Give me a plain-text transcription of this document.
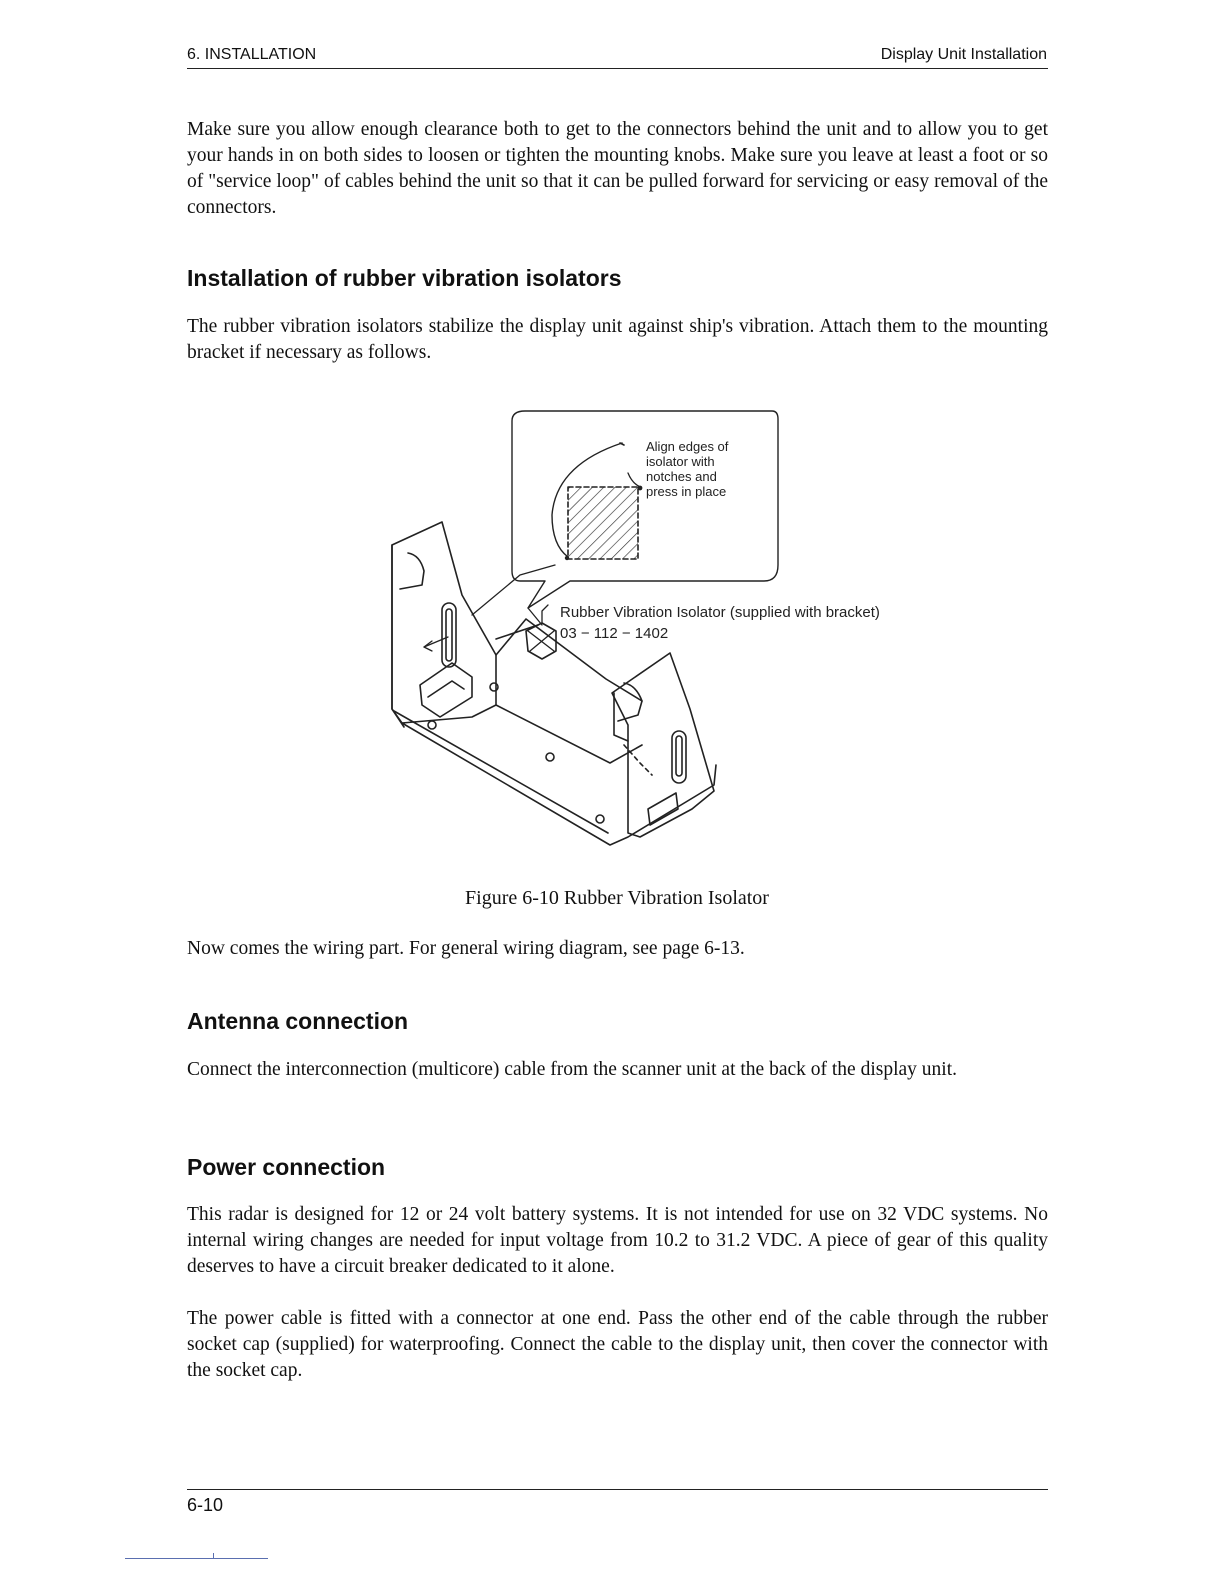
6. INSTALLATION	Display Unit Installation

Make sure you allow enough clearance both to get to the connectors behind the unit and to allow you to get your hands in on both sides to loosen or tighten the mounting knobs. Make sure you leave at least a foot or so of "service loop" of cables behind the unit so that it can be pulled forward for servicing or easy removal of the connectors.

Installation of rubber vibration isolators

The rubber vibration isolators stabilize the display unit against ship's vibration. Attach them to the mounting bracket if necessary as follows.

Align edges of
isolator with
notches and
press in place
Rubber Vibration Isolator (supplied with bracket)
03 − 112 − 1402
Figure 6-10 Rubber Vibration Isolator

Now comes the wiring part. For general wiring diagram, see page 6-13.

Antenna connection

Connect the interconnection (multicore) cable from the scanner unit at the back of the display unit.

Power connection

This radar is designed for 12 or 24 volt battery systems. It is not intended for use on 32 VDC systems. No internal wiring changes are needed for input voltage from 10.2 to 31.2 VDC. A piece of gear of this quality deserves to have a circuit breaker dedicated to it alone.

The power cable is fitted with a connector at one end. Pass the other end of the cable through the rubber socket cap (supplied) for waterproofing. Connect the cable to the display unit, then cover the connector with the socket cap.

6-10
